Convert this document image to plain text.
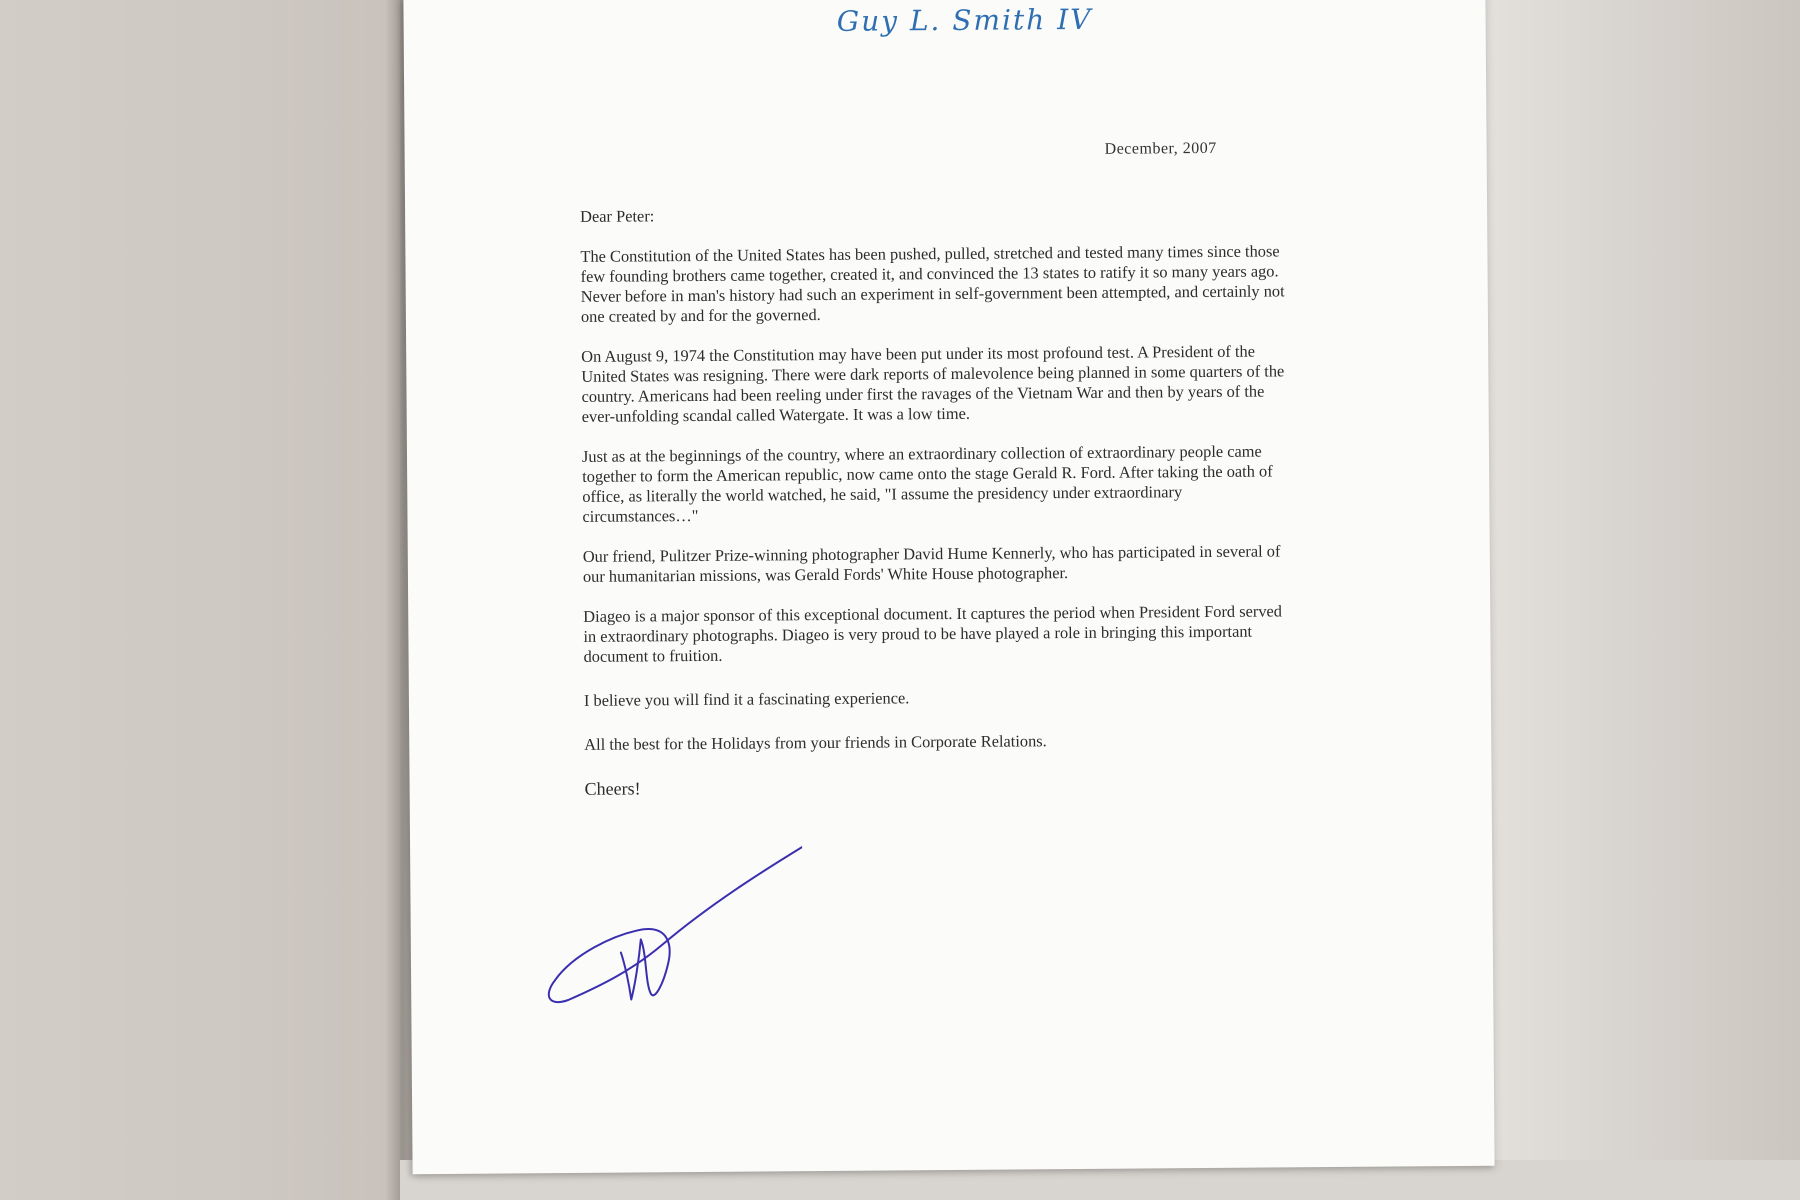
Guy L. Smith IV
December, 2007

Dear Peter:

The Constitution of the United States has been pushed, pulled, stretched and tested many times since those few founding brothers came together, created it, and convinced the 13 states to ratify it so many years ago. Never before in man's history had such an experiment in self-government been attempted, and certainly not one created by and for the governed.

On August 9, 1974 the Constitution may have been put under its most profound test. A President of the United States was resigning. There were dark reports of malevolence being planned in some quarters of the country. Americans had been reeling under first the ravages of the Vietnam War and then by years of the ever-unfolding scandal called Watergate. It was a low time.

Just as at the beginnings of the country, where an extraordinary collection of extraordinary people came together to form the American republic, now came onto the stage Gerald R. Ford. After taking the oath of office, as literally the world watched, he said, "I assume the presidency under extraordinary circumstances…"

Our friend, Pulitzer Prize-winning photographer David Hume Kennerly, who has participated in several of our humanitarian missions, was Gerald Fords' White House photographer.

Diageo is a major sponsor of this exceptional document. It captures the period when President Ford served in extraordinary photographs. Diageo is very proud to be have played a role in bringing this important document to fruition.

I believe you will find it a fascinating experience.

All the best for the Holidays from your friends in Corporate Relations.

Cheers!
